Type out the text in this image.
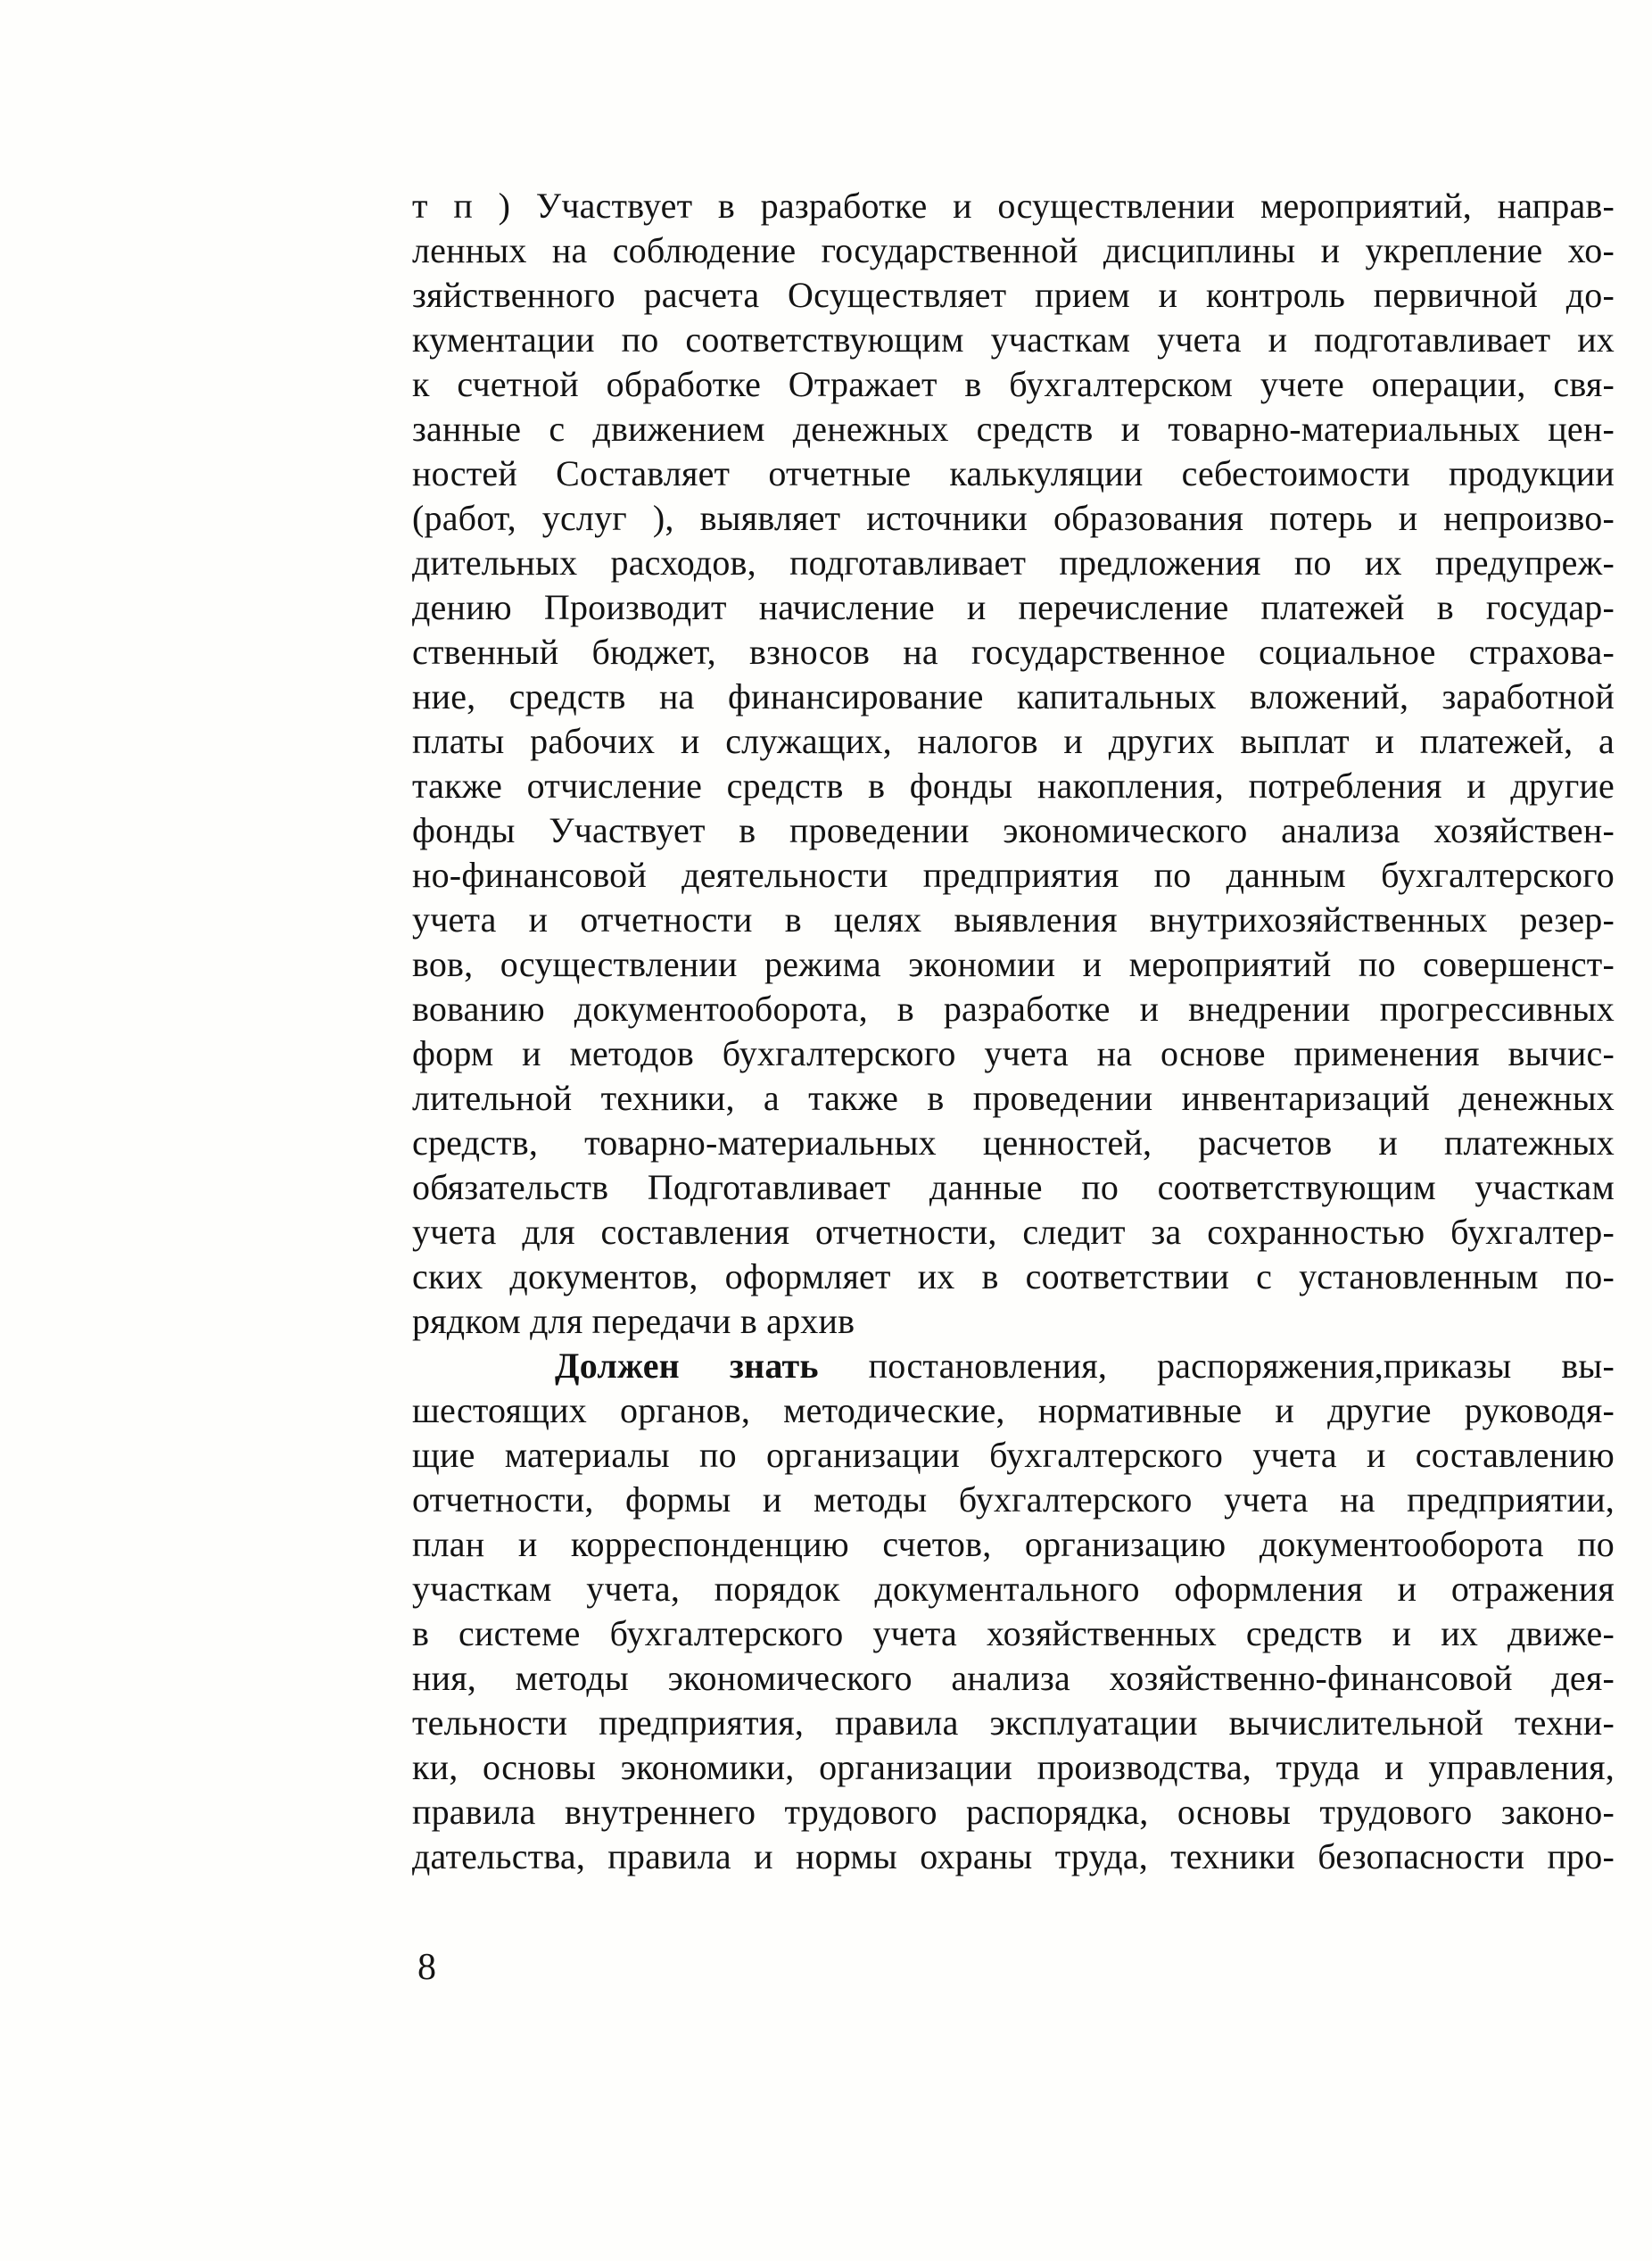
т п ) Участвует в разработке и осуществлении мероприятий, направ-
ленных на соблюдение государственной дисциплины и укрепление хо-
зяйственного расчета Осуществляет прием и контроль первичной до-
кументации по соответствующим участкам учета и подготавливает их
к счетной обработке Отражает в бухгалтерском учете операции, свя-
занные с движением денежных средств и товарно-материальных цен-
ностей Составляет отчетные калькуляции себестоимости продукции
(работ, услуг ), выявляет источники образования потерь и непроизво-
дительных расходов, подготавливает предложения по их предупреж-
дению Производит начисление и перечисление платежей в государ-
ственный бюджет, взносов на государственное социальное страхова-
ние, средств на финансирование капитальных вложений, заработной
платы рабочих и служащих, налогов и других выплат и платежей, а
также отчисление средств в фонды накопления, потребления и другие
фонды Участвует в проведении экономического анализа хозяйствен-
но-финансовой деятельности предприятия по данным бухгалтерского
учета и отчетности в целях выявления внутрихозяйственных резер-
вов, осуществлении режима экономии и мероприятий по совершенст-
вованию документооборота, в разработке и внедрении прогрессивных
форм и методов бухгалтерского учета на основе применения вычис-
лительной техники, а также в проведении инвентаризаций денежных
средств, товарно-материальных ценностей, расчетов и платежных
обязательств Подготавливает данные по соответствующим участкам
учета для составления отчетности, следит за сохранностью бухгалтер-
ских документов, оформляет их в соответствии с установленным по-
рядком для передачи в архив
Должен знать постановления, распоряжения,приказы вы-
шестоящих органов, методические, нормативные и другие руководя-
щие материалы по организации бухгалтерского учета и составлению
отчетности, формы и методы бухгалтерского учета на предприятии,
план и корреспонденцию счетов, организацию документооборота по
участкам учета, порядок документального оформления и отражения
в системе бухгалтерского учета хозяйственных средств и их движе-
ния, методы экономического анализа хозяйственно-финансовой дея-
тельности предприятия, правила эксплуатации вычислительной техни-
ки, основы экономики, организации производства, труда и управления,
правила внутреннего трудового распорядка, основы трудового законо-
дательства, правила и нормы охраны труда, техники безопасности про-
8
